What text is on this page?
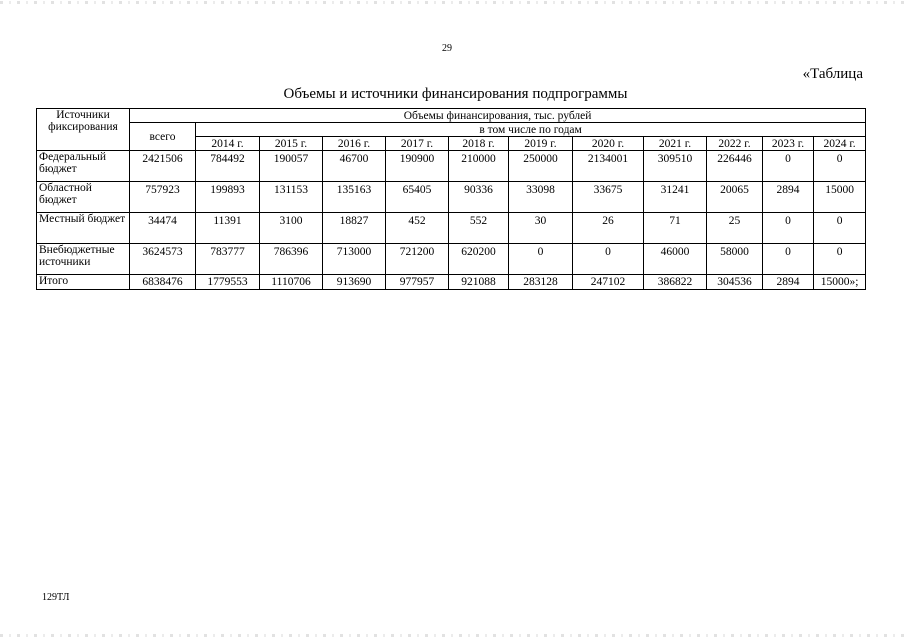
29
«Таблица
Объемы и источники финансирования подпрограммы
Источники фиксирования	Объемы финансирования, тыс. рублей											
	всего	в том числе по годам										
		2014 г.	2015 г.	2016 г.	2017 г.	2018 г.	2019 г.	2020 г.	2021 г.	2022 г.	2023 г.	2024 г.
Федеральный бюджет	2421506	784492	190057	46700	190900	210000	250000	2134001	309510	226446	0	0
Областной бюджет	757923	199893	131153	135163	65405	90336	33098	33675	31241	20065	2894	15000
Местный бюджет	34474	11391	3100	18827	452	552	30	26	71	25	0	0
Внебюджетные источники	3624573	783777	786396	713000	721200	620200	0	0	46000	58000	0	0
Итого	6838476	1779553	1110706	913690	977957	921088	283128	247102	386822	304536	2894	15000»;
129ТЛ
